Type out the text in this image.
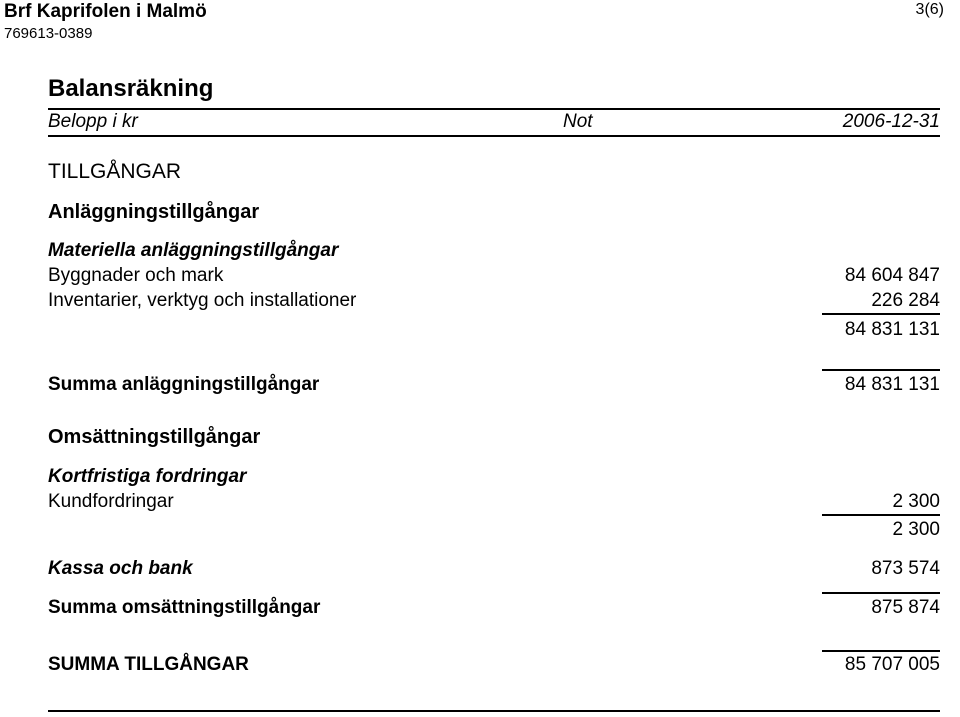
Brf Kaprifolen i Malmö
769613-0389
3(6)
Balansräkning
Belopp i kr	Not	2006-12-31
TILLGÅNGAR
Anläggningstillgångar
Materiella anläggningstillgångar
Byggnader och mark	84 604 847
Inventarier, verktyg och installationer	226 284
84 831 131
Summa anläggningstillgångar	84 831 131
Omsättningstillgångar
Kortfristiga fordringar
Kundfordringar	2 300
2 300
Kassa och bank	873 574
Summa omsättningstillgångar	875 874
SUMMA TILLGÅNGAR	85 707 005
